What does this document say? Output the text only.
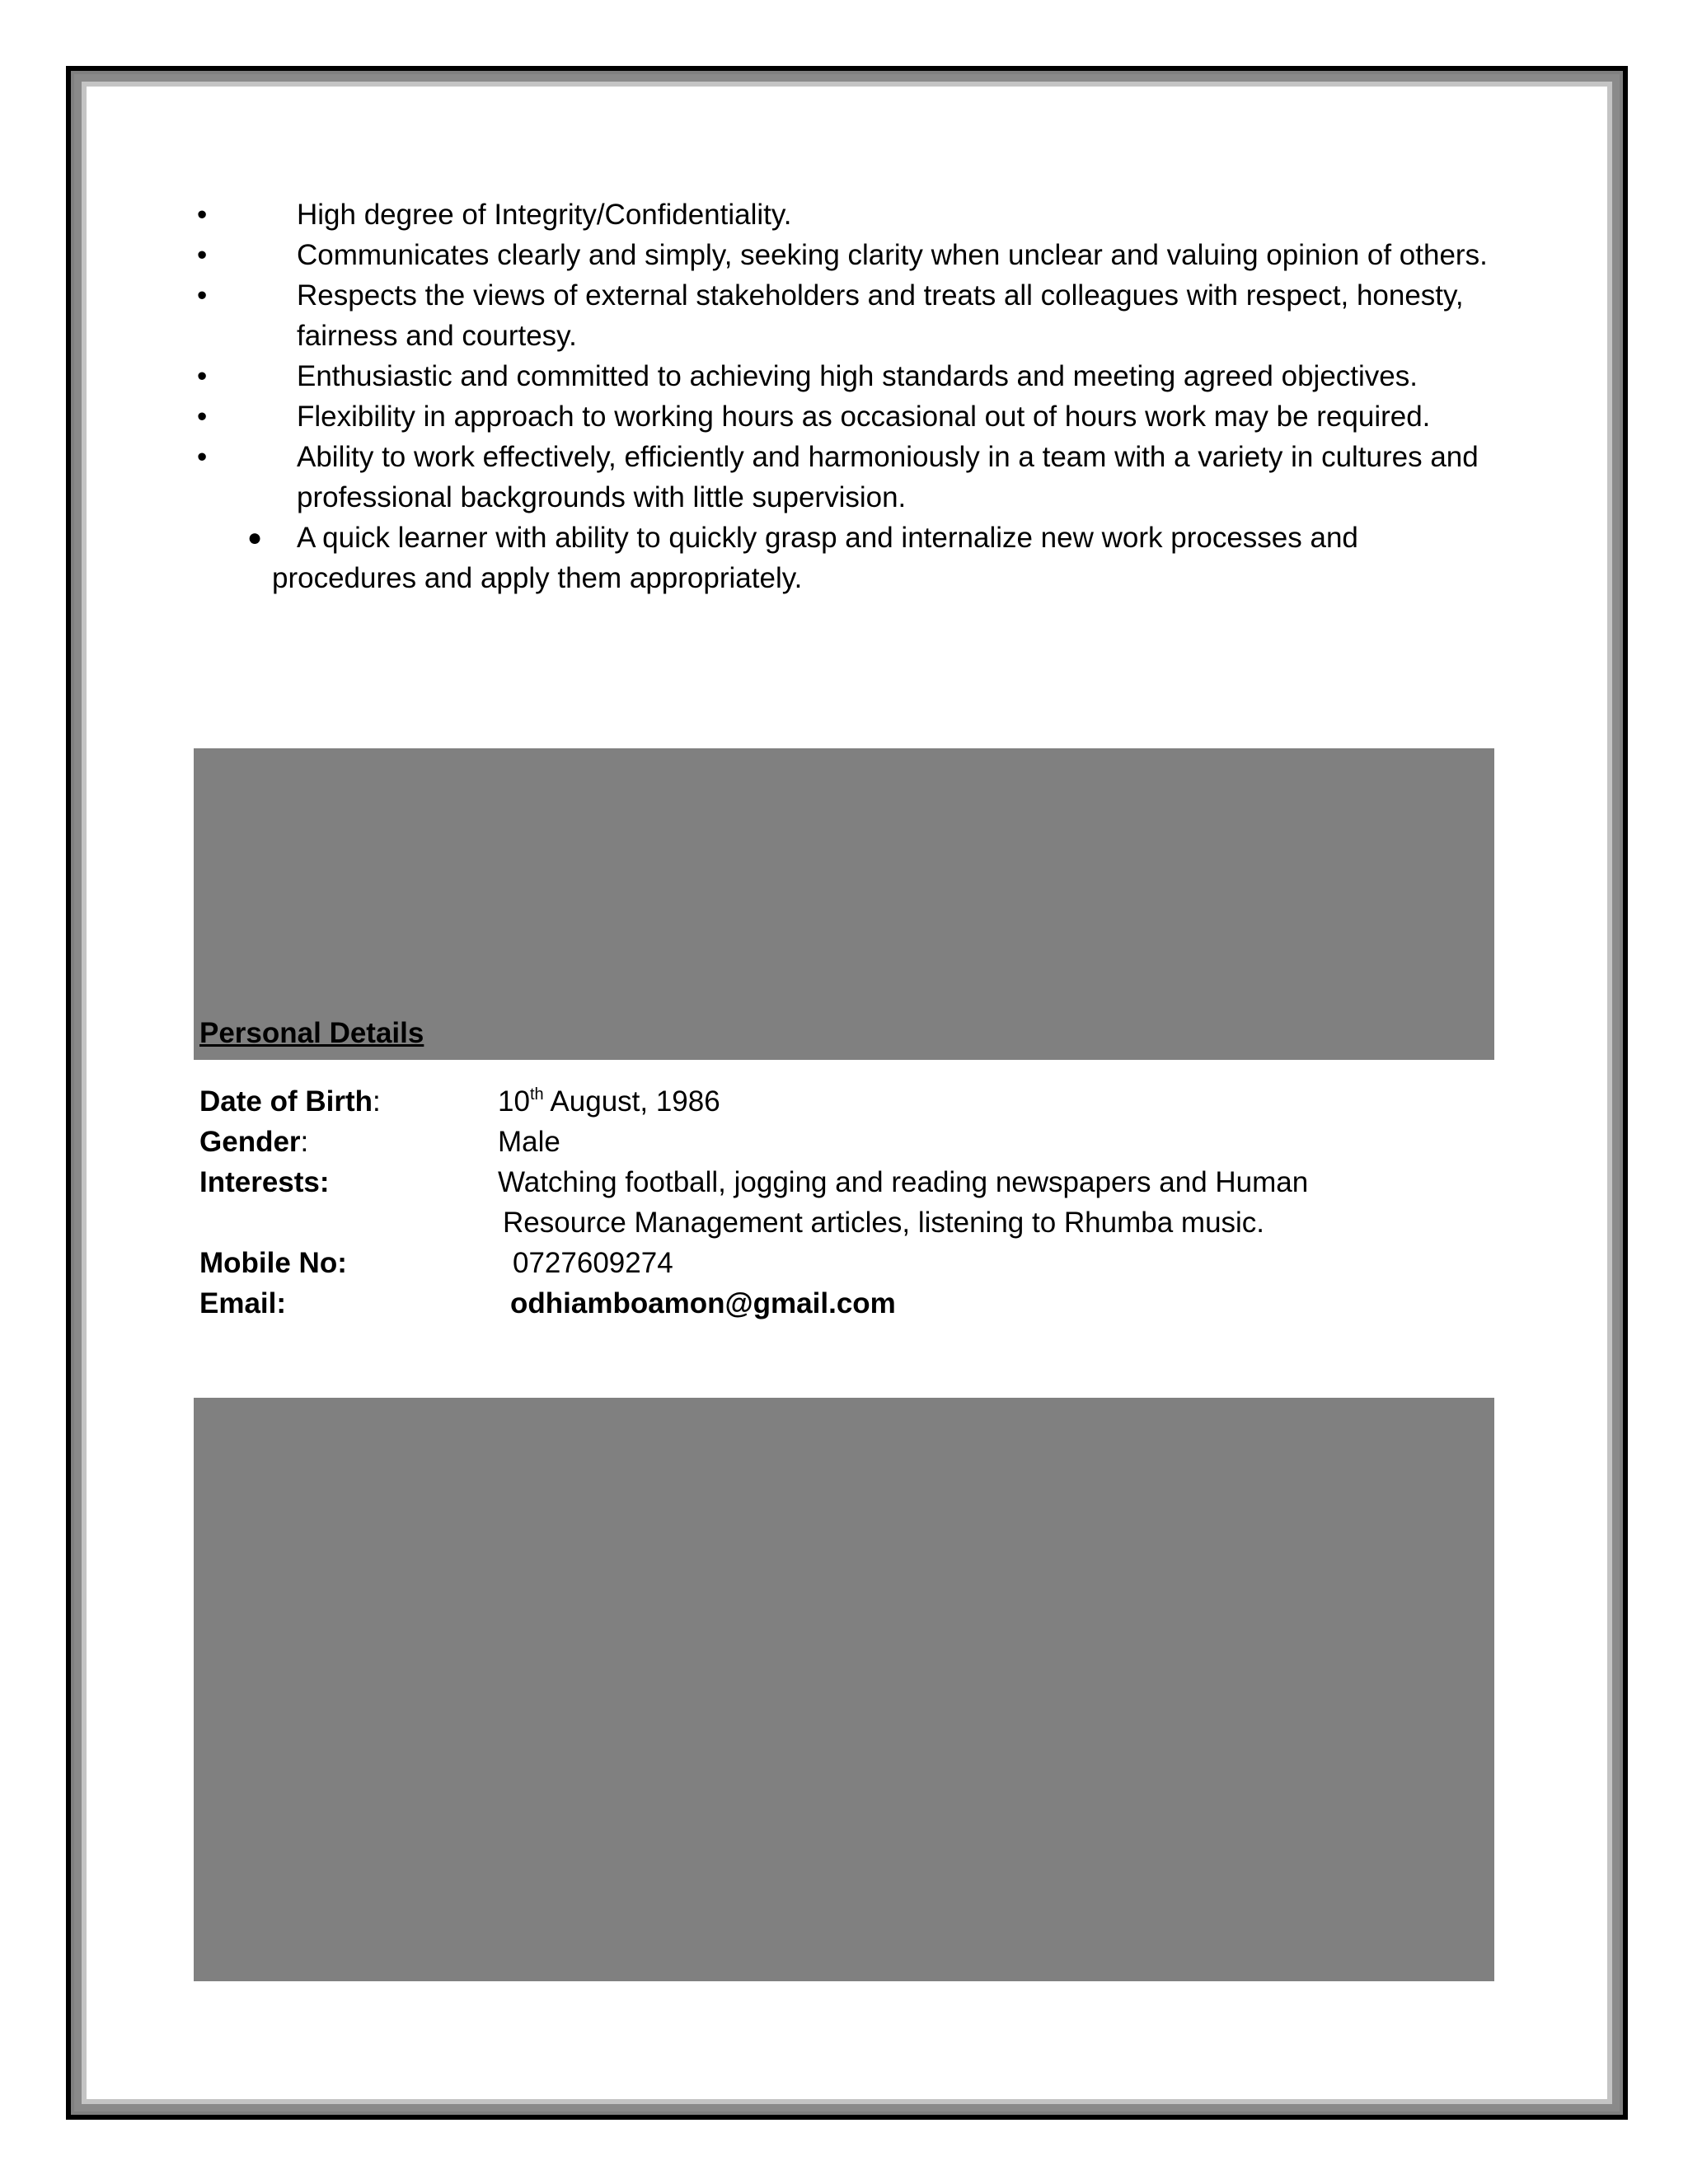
•	High degree of Integrity/Confidentiality.
•	Communicates clearly and simply, seeking clarity when unclear and valuing opinion of others.
•	Respects the views of external stakeholders and treats all colleagues with respect, honesty, fairness and courtesy.
•	Enthusiastic and committed to achieving high standards and meeting agreed objectives.
•	Flexibility in approach to working hours as occasional out of hours work may be required.
•	Ability to work effectively, efficiently and harmoniously in a team with a variety in cultures and professional backgrounds with little supervision.
● A quick learner with ability to quickly grasp and internalize new work processes and procedures and apply them appropriately.
Personal Details
Date of Birth:	10th August, 1986
Gender:	Male
Interests:	Watching football, jogging and reading newspapers and Human
Resource Management articles, listening to Rhumba music.
Mobile No:	0727609274
Email:	odhiamboamon@gmail.com
